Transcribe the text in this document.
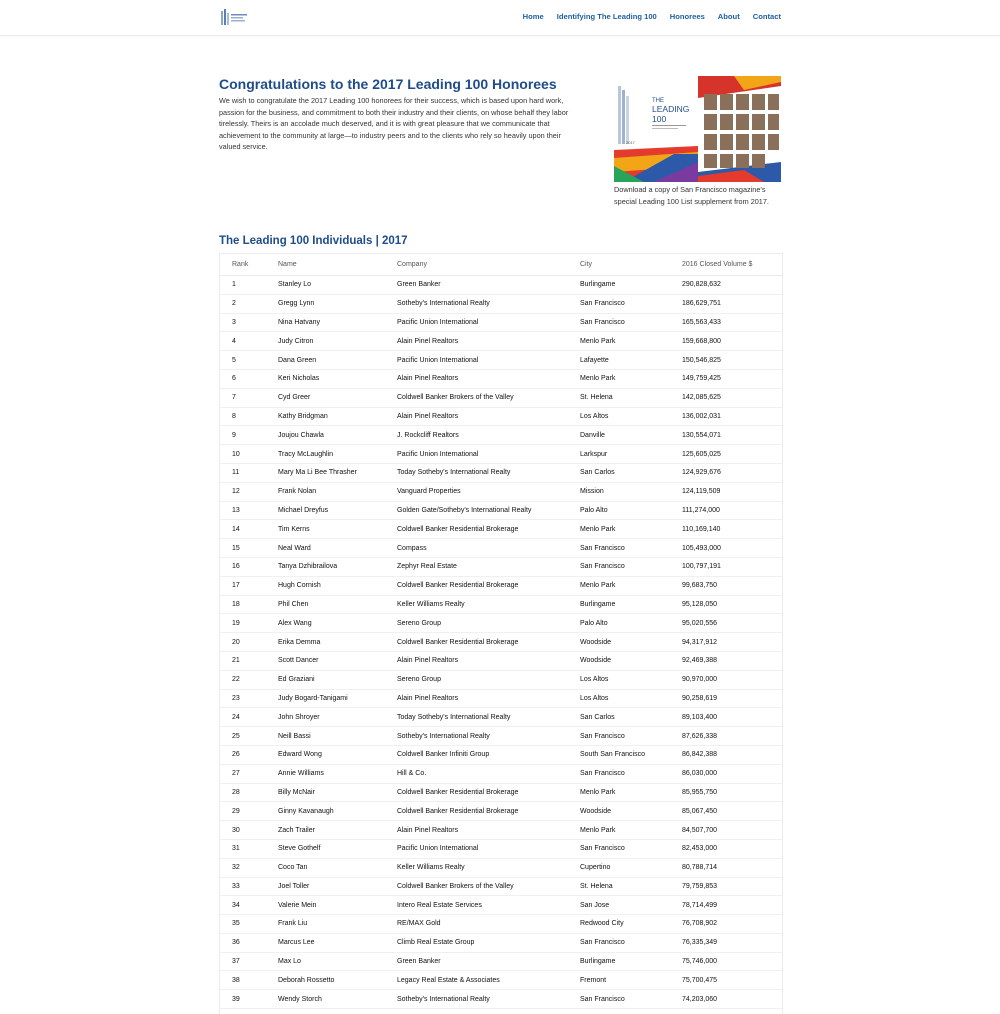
Home Identifying The Leading 100 Honorees About Contact
Congratulations to the 2017 Leading 100 Honorees

We wish to congratulate the 2017 Leading 100 honorees for their success, which is based upon hard work, passion for the business, and commitment to both their industry and their clients, on whose behalf they labor tirelessly. Theirs is an accolade much deserved, and it is with great pleasure that we communicate that achievement to the community at large—to industry peers and to the clients who rely so heavily upon their valued service.

THE
LEADING
100
2017

Download a copy of San Francisco magazine's special Leading 100 List supplement from 2017.

The Leading 100 Individuals | 2017
Rank	Name	Company	City	2016 Closed Volume $
1	Stanley Lo	Green Banker	Burlingame	290,828,632
2	Gregg Lynn	Sotheby's International Realty	San Francisco	186,629,751
3	Nina Hatvany	Pacific Union International	San Francisco	165,563,433
4	Judy Citron	Alain Pinel Realtors	Menlo Park	159,668,800
5	Dana Green	Pacific Union International	Lafayette	150,546,825
6	Keri Nicholas	Alain Pinel Realtors	Menlo Park	149,759,425
7	Cyd Greer	Coldwell Banker Brokers of the Valley	St. Helena	142,085,625
8	Kathy Bridgman	Alain Pinel Realtors	Los Altos	136,002,031
9	Joujou Chawla	J. Rockcliff Realtors	Danville	130,554,071
10	Tracy McLaughlin	Pacific Union International	Larkspur	125,605,025
11	Mary Ma Li Bee Thrasher	Today Sotheby's International Realty	San Carlos	124,929,676
12	Frank Nolan	Vanguard Properties	Mission	124,119,509
13	Michael Dreyfus	Golden Gate/Sotheby's International Realty	Palo Alto	111,274,000
14	Tim Kerns	Coldwell Banker Residential Brokerage	Menlo Park	110,169,140
15	Neal Ward	Compass	San Francisco	105,493,000
16	Tanya Dzhibrailova	Zephyr Real Estate	San Francisco	100,797,191
17	Hugh Cornish	Coldwell Banker Residential Brokerage	Menlo Park	99,683,750
18	Phil Chen	Keller Williams Realty	Burlingame	95,128,050
19	Alex Wang	Sereno Group	Palo Alto	95,020,556
20	Erika Demma	Coldwell Banker Residential Brokerage	Woodside	94,317,912
21	Scott Dancer	Alain Pinel Realtors	Woodside	92,469,388
22	Ed Graziani	Sereno Group	Los Altos	90,970,000
23	Judy Bogard-Tanigami	Alain Pinel Realtors	Los Altos	90,258,619
24	John Shroyer	Today Sotheby's International Realty	San Carlos	89,103,400
25	Neill Bassi	Sotheby's International Realty	San Francisco	87,626,338
26	Edward Wong	Coldwell Banker Infiniti Group	South San Francisco	86,842,388
27	Annie Williams	Hill & Co.	San Francisco	86,030,000
28	Billy McNair	Coldwell Banker Residential Brokerage	Menlo Park	85,955,750
29	Ginny Kavanaugh	Coldwell Banker Residential Brokerage	Woodside	85,067,450
30	Zach Trailer	Alain Pinel Realtors	Menlo Park	84,507,700
31	Steve Gothelf	Pacific Union International	San Francisco	82,453,000
32	Coco Tan	Keller Williams Realty	Cupertino	80,788,714
33	Joel Toller	Coldwell Banker Brokers of the Valley	St. Helena	79,759,853
34	Valerie Mein	Intero Real Estate Services	San Jose	78,714,499
35	Frank Liu	RE/MAX Gold	Redwood City	76,708,902
36	Marcus Lee	Climb Real Estate Group	San Francisco	76,335,349
37	Max Lo	Green Banker	Burlingame	75,746,000
38	Deborah Rossetto	Legacy Real Estate & Associates	Fremont	75,700,475
39	Wendy Storch	Sotheby's International Realty	San Francisco	74,203,060
